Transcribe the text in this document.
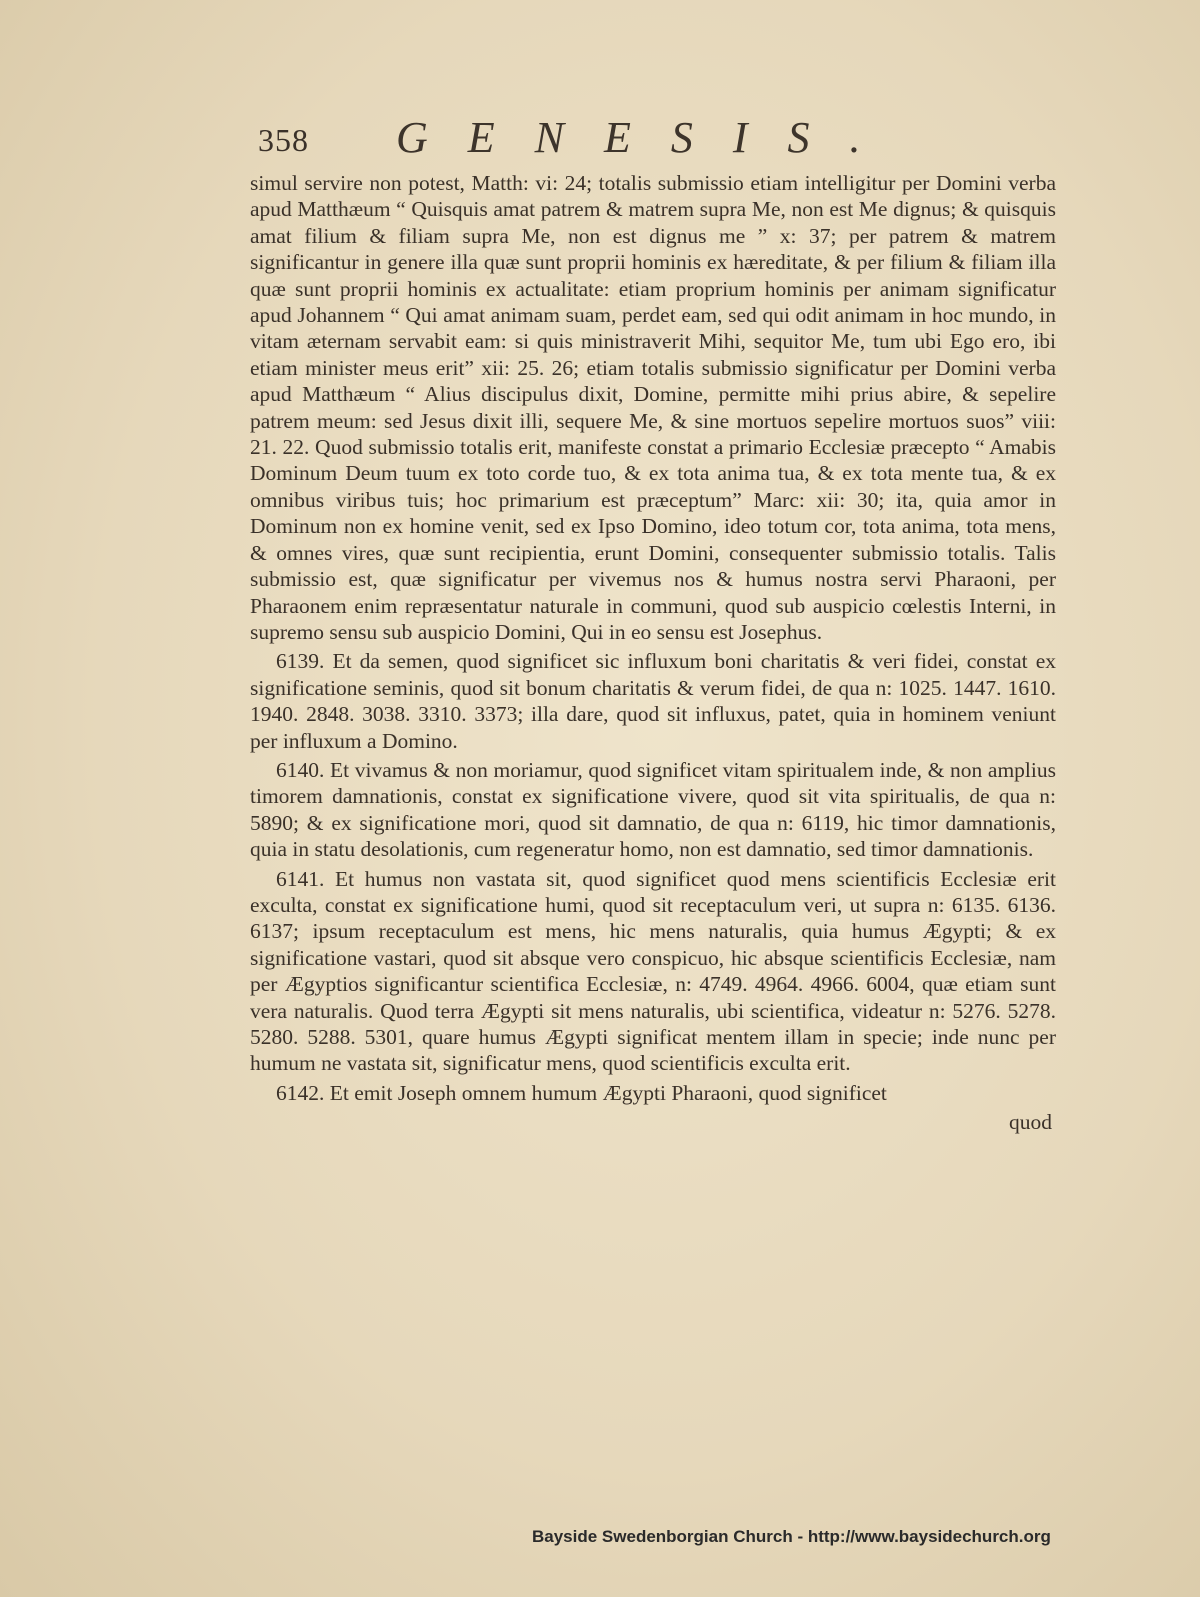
358 GENESIS.

simul servire non potest, Matth: vi: 24; totalis submissio etiam intelligitur per Domini verba apud Matthæum “ Quisquis amat patrem & matrem supra Me, non est Me dignus; & quisquis amat filium & filiam supra Me, non est dignus me ” x: 37; per patrem & matrem significantur in genere illa quæ sunt proprii hominis ex hæreditate, & per filium & filiam illa quæ sunt proprii hominis ex actualitate: etiam proprium hominis per animam significatur apud Johannem “ Qui amat animam suam, perdet eam, sed qui odit animam in hoc mundo, in vitam æternam servabit eam: si quis ministraverit Mihi, sequitor Me, tum ubi Ego ero, ibi etiam minister meus erit” xii: 25. 26; etiam totalis submissio significatur per Domini verba apud Matthæum “ Alius discipulus dixit, Domine, permitte mihi prius abire, & sepelire patrem meum: sed Jesus dixit illi, sequere Me, & sine mortuos sepelire mortuos suos” viii: 21. 22. Quod submissio totalis erit, manifeste constat a primario Ecclesiæ præcepto “ Amabis Dominum Deum tuum ex toto corde tuo, & ex tota anima tua, & ex tota mente tua, & ex omnibus viribus tuis; hoc primarium est præceptum” Marc: xii: 30; ita, quia amor in Dominum non ex homine venit, sed ex Ipso Domino, ideo totum cor, tota anima, tota mens, & omnes vires, quæ sunt recipientia, erunt Domini, consequenter submissio totalis. Talis submissio est, quæ significatur per vivemus nos & humus nostra servi Pharaoni, per Pharaonem enim repræsentatur naturale in communi, quod sub auspicio cœlestis Interni, in supremo sensu sub auspicio Domini, Qui in eo sensu est Josephus.

6139. Et da semen, quod significet sic influxum boni charitatis & veri fidei, constat ex significatione seminis, quod sit bonum charitatis & verum fidei, de qua n: 1025. 1447. 1610. 1940. 2848. 3038. 3310. 3373; illa dare, quod sit influxus, patet, quia in hominem veniunt per influxum a Domino.

6140. Et vivamus & non moriamur, quod significet vitam spiritualem inde, & non amplius timorem damnationis, constat ex significatione vivere, quod sit vita spiritualis, de qua n: 5890; & ex significatione mori, quod sit damnatio, de qua n: 6119, hic timor damnationis, quia in statu desolationis, cum regeneratur homo, non est damnatio, sed timor damnationis.

6141. Et humus non vastata sit, quod significet quod mens scientificis Ecclesiæ erit exculta, constat ex significatione humi, quod sit receptaculum veri, ut supra n: 6135. 6136. 6137; ipsum receptaculum est mens, hic mens naturalis, quia humus Ægypti; & ex significatione vastari, quod sit absque vero conspicuo, hic absque scientificis Ecclesiæ, nam per Ægyptios significantur scientifica Ecclesiæ, n: 4749. 4964. 4966. 6004, quæ etiam sunt vera naturalis. Quod terra Ægypti sit mens naturalis, ubi scientifica, videatur n: 5276. 5278. 5280. 5288. 5301, quare humus Ægypti significat mentem illam in specie; inde nunc per humum ne vastata sit, significatur mens, quod scientificis exculta erit.

6142. Et emit Joseph omnem humum Ægypti Pharaoni, quod significet

quod

Bayside Swedenborgian Church - http://www.baysidechurch.org
